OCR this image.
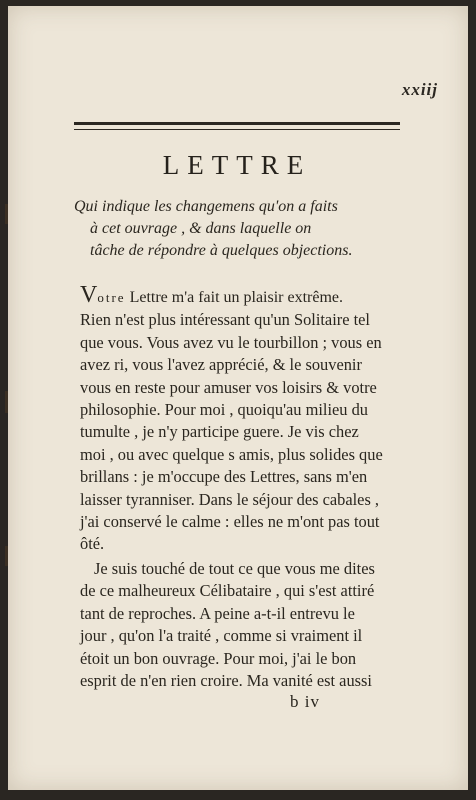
xxiij
LETTRE
Qui indique les changemens qu'on a faits
à cet ouvrage , & dans laquelle on
tâche de répondre à quelques objections.
Votre Lettre m'a fait un plaisir extrême.
Rien n'est plus intéressant qu'un Solitaire tel
que vous. Vous avez vu le tourbillon ; vous en
avez ri, vous l'avez apprécié, & le souvenir
vous en reste pour amuser vos loisirs & votre
philosophie. Pour moi , quoiqu'au milieu du
tumulte , je n'y participe guere. Je vis chez
moi , ou avec quelque s amis, plus solides que
brillans : je m'occupe des Lettres, sans m'en
laisser tyranniser. Dans le séjour des cabales ,
j'ai conservé le calme : elles ne m'ont pas tout
ôté.
Je suis touché de tout ce que vous me dites
de ce malheureux Célibataire , qui s'est attiré
tant de reproches. A peine a-t-il entrevu le
jour , qu'on l'a traité , comme si vraiment il
étoit un bon ouvrage. Pour moi, j'ai le bon
esprit de n'en rien croire. Ma vanité est aussi
b iv
